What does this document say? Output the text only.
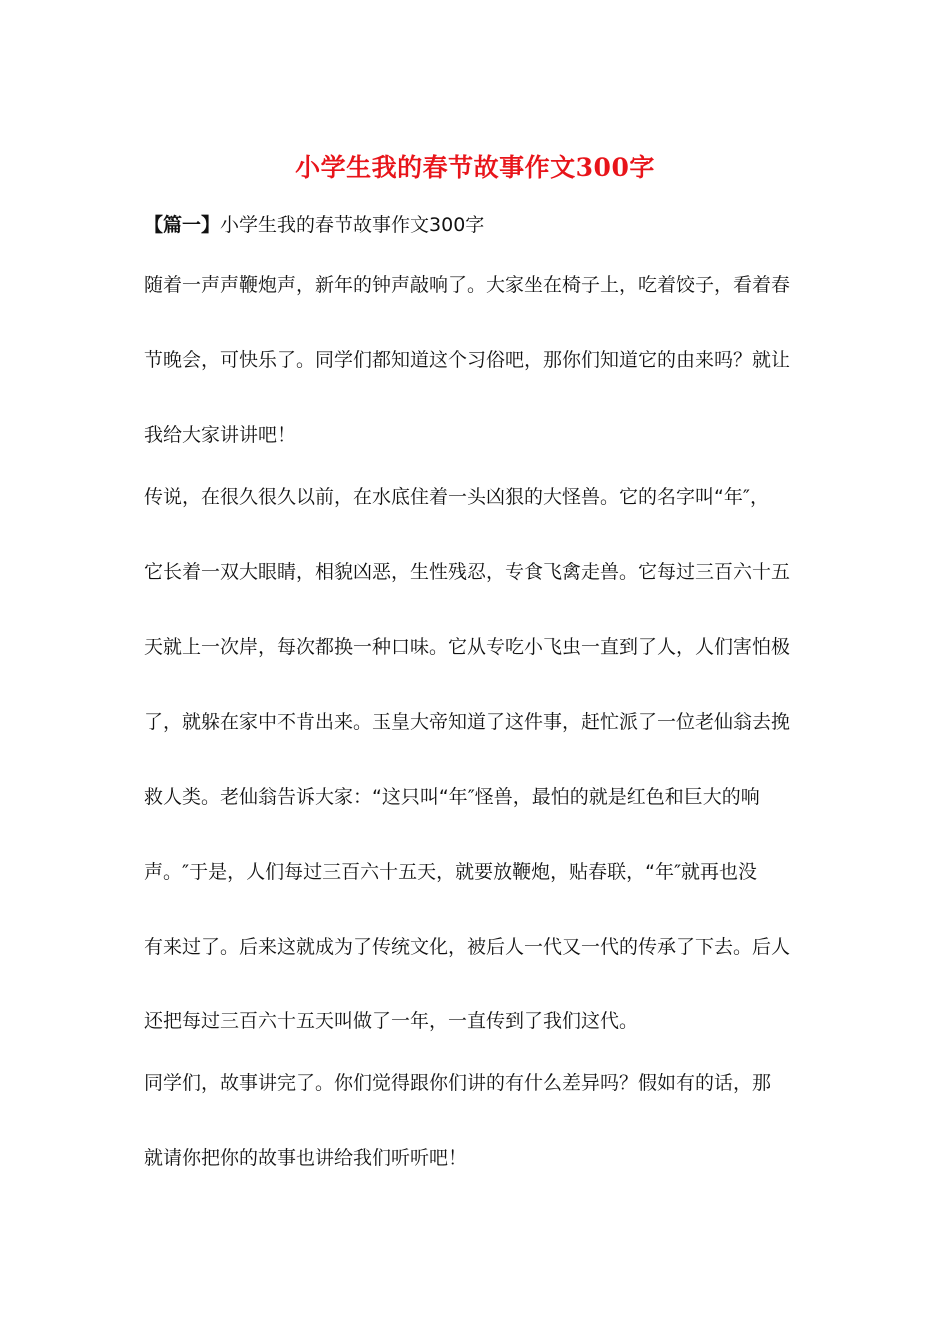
小学生我的春节故事作文300字
【篇一】小学生我的春节故事作文300字
随着一声声鞭炮声，新年的钟声敲响了。大家坐在椅子上，吃着饺子，看着春
节晚会，可快乐了。同学们都知道这个习俗吧，那你们知道它的由来吗？就让
我给大家讲讲吧！
传说，在很久很久以前，在水底住着一头凶狠的大怪兽。它的名字叫“年″，
它长着一双大眼睛，相貌凶恶，生性残忍，专食飞禽走兽。它每过三百六十五
天就上一次岸，每次都换一种口味。它从专吃小飞虫一直到了人，人们害怕极
了，就躲在家中不肯出来。玉皇大帝知道了这件事，赶忙派了一位老仙翁去挽
救人类。老仙翁告诉大家：“这只叫“年″怪兽，最怕的就是红色和巨大的响
声。″于是，人们每过三百六十五天，就要放鞭炮，贴春联，“年″就再也没
有来过了。后来这就成为了传统文化，被后人一代又一代的传承了下去。后人
还把每过三百六十五天叫做了一年，一直传到了我们这代。
同学们，故事讲完了。你们觉得跟你们讲的有什么差异吗？假如有的话，那
就请你把你的故事也讲给我们听听吧！
